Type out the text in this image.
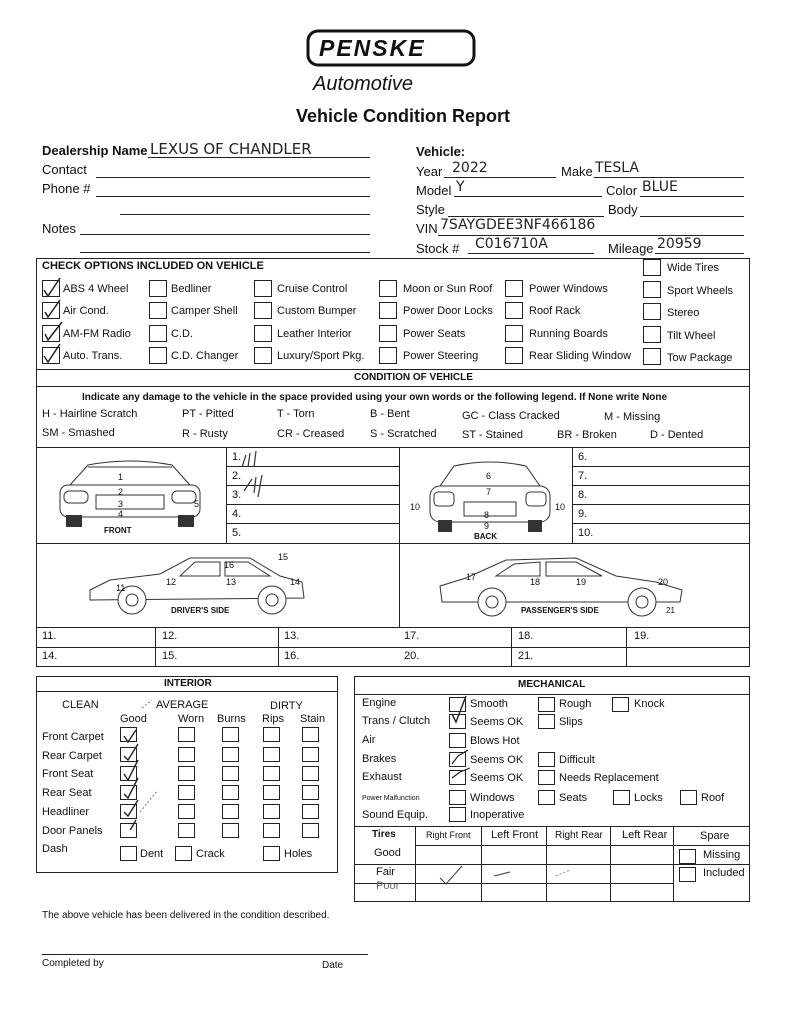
PENSKE
Automotive
Vehicle Condition Report
Dealership Name LEXUS OF CHANDLER
Contact
Phone #
Notes
Vehicle:
Year 2022	Make TESLA
Model Y	Color BLUE
Style	Body
VIN 7SAYGDEE3NF466186
Stock # C016710A	Mileage 20959
CHECK OPTIONS INCLUDED ON VEHICLE
ABS 4 Wheel
Air Cond.
AM-FM Radio
Auto. Trans.
Bedliner
Camper Shell
C.D.
C.D. Changer
Cruise Control
Custom Bumper
Leather Interior
Luxury/Sport Pkg.
Moon or Sun Roof
Power Door Locks
Power Seats
Power Steering
Power Windows
Roof Rack
Running Boards
Rear Sliding Window
Wide Tires
Sport Wheels
Stereo
Tilt Wheel
Tow Package
CONDITION OF VEHICLE
Indicate any damage to the vehicle in the space provided using your own words or the following legend. If None write None
H - Hairline Scratch	PT - Pitted	T - Torn	B - Bent	GC - Class Cracked	M - Missing
SM - Smashed	R - Rusty	CR - Creased S - Scratched ST - Stained	BR - Broken	D - Dented
1.
2.
3.
4.
5.
6.
7.
8.
9.
10.
1
2
3
4
5
FRONT
6
7
8
9
10	10
BACK
11
12	13	14
15
16
DRIVER'S SIDE
17	18	19	20
21
PASSENGER'S SIDE
11.	12.	13.	17.	18.	19.
14.	15.	16.	20.	21.
INTERIOR
CLEAN	AVERAGE	DIRTY
Good	Worn Burns Rips Stain
Front Carpet
Rear Carpet
Front Seat
Rear Seat
Headliner
Door Panels
Dash	Dent	Crack	Holes
MECHANICAL
Engine	Smooth	Rough	Knock
Trans / Clutch	Seems OK	Slips
Air	Blows Hot
Brakes	Seems OK	Difficult
Exhaust	Seems OK	Needs Replacement
Power Malfunction	Windows	Seats	Locks	Roof
Sound Equip.	Inoperative
Tires	Right Front Left Front Right Rear Left Rear	Spare
Good
Fair
Poor
Missing
Included
The above vehicle has been delivered in the condition described.
Completed by	Date
